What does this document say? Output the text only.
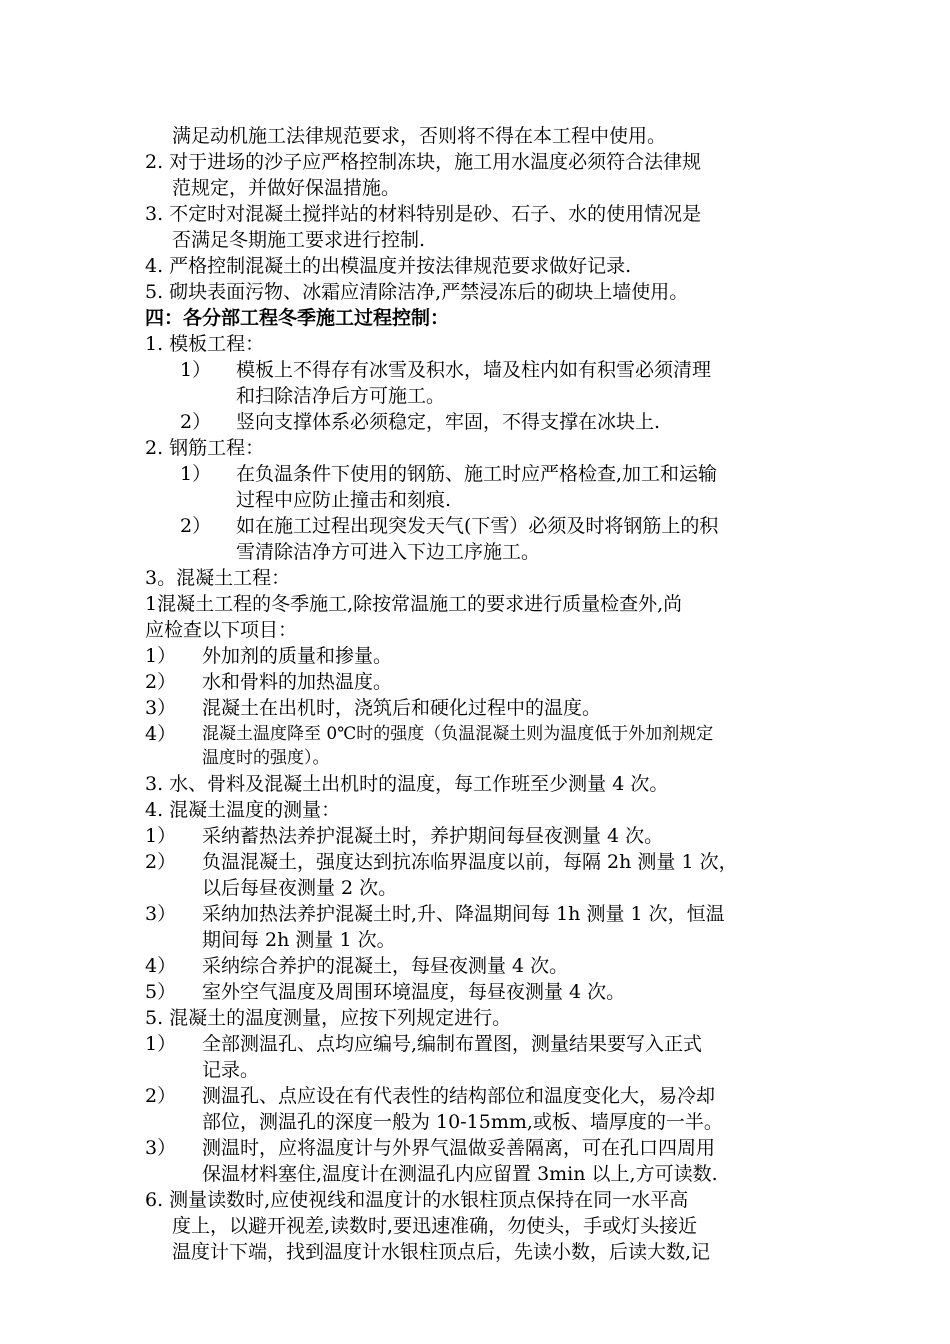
满足动机施工法律规范要求，否则将不得在本工程中使用。
2. 对于进场的沙子应严格控制冻块，施工用水温度必须符合法律规
范规定，并做好保温措施。
3. 不定时对混凝土搅拌站的材料特别是砂、石子、水的使用情况是
否满足冬期施工要求进行控制.
4. 严格控制混凝土的出模温度并按法律规范要求做好记录.
5. 砌块表面污物、冰霜应清除洁净,严禁浸冻后的砌块上墙使用。
四：各分部工程冬季施工过程控制：
1. 模板工程：
1） 模板上不得存有冰雪及积水，墙及柱内如有积雪必须清理
和扫除洁净后方可施工。
2） 竖向支撑体系必须稳定，牢固，不得支撑在冰块上.
2. 钢筋工程：
1） 在负温条件下使用的钢筋、施工时应严格检查,加工和运输
过程中应防止撞击和刻痕.
2） 如在施工过程出现突发天气(下雪）必须及时将钢筋上的积
雪清除洁净方可进入下边工序施工。
3。混凝土工程：
1混凝土工程的冬季施工,除按常温施工的要求进行质量检查外,尚
应检查以下项目：
1） 外加剂的质量和掺量。
2） 水和骨料的加热温度。
3） 混凝土在出机时，浇筑后和硬化过程中的温度。
4） 混凝土温度降至 0℃时的强度（负温混凝土则为温度低于外加剂规定
温度时的强度）。
3. 水、骨料及混凝土出机时的温度，每工作班至少测量 4 次。
4. 混凝土温度的测量：
1） 采纳蓄热法养护混凝土时，养护期间每昼夜测量 4 次。
2） 负温混凝土，强度达到抗冻临界温度以前，每隔 2h 测量 1 次，
以后每昼夜测量 2 次。
3） 采纳加热法养护混凝土时,升、降温期间每 1h 测量 1 次，恒温
期间每 2h 测量 1 次。
4） 采纳综合养护的混凝土，每昼夜测量 4 次。
5） 室外空气温度及周围环境温度，每昼夜测量 4 次。
5. 混凝土的温度测量，应按下列规定进行。
1） 全部测温孔、点均应编号,编制布置图，测量结果要写入正式
记录。
2） 测温孔、点应设在有代表性的结构部位和温度变化大，易冷却
部位，测温孔的深度一般为 10-15mm,或板、墙厚度的一半。
3） 测温时，应将温度计与外界气温做妥善隔离，可在孔口四周用
保温材料塞住,温度计在测温孔内应留置 3min 以上,方可读数.
6. 测量读数时,应使视线和温度计的水银柱顶点保持在同一水平高
度上，以避开视差,读数时,要迅速准确，勿使头，手或灯头接近
温度计下端，找到温度计水银柱顶点后，先读小数，后读大数,记
